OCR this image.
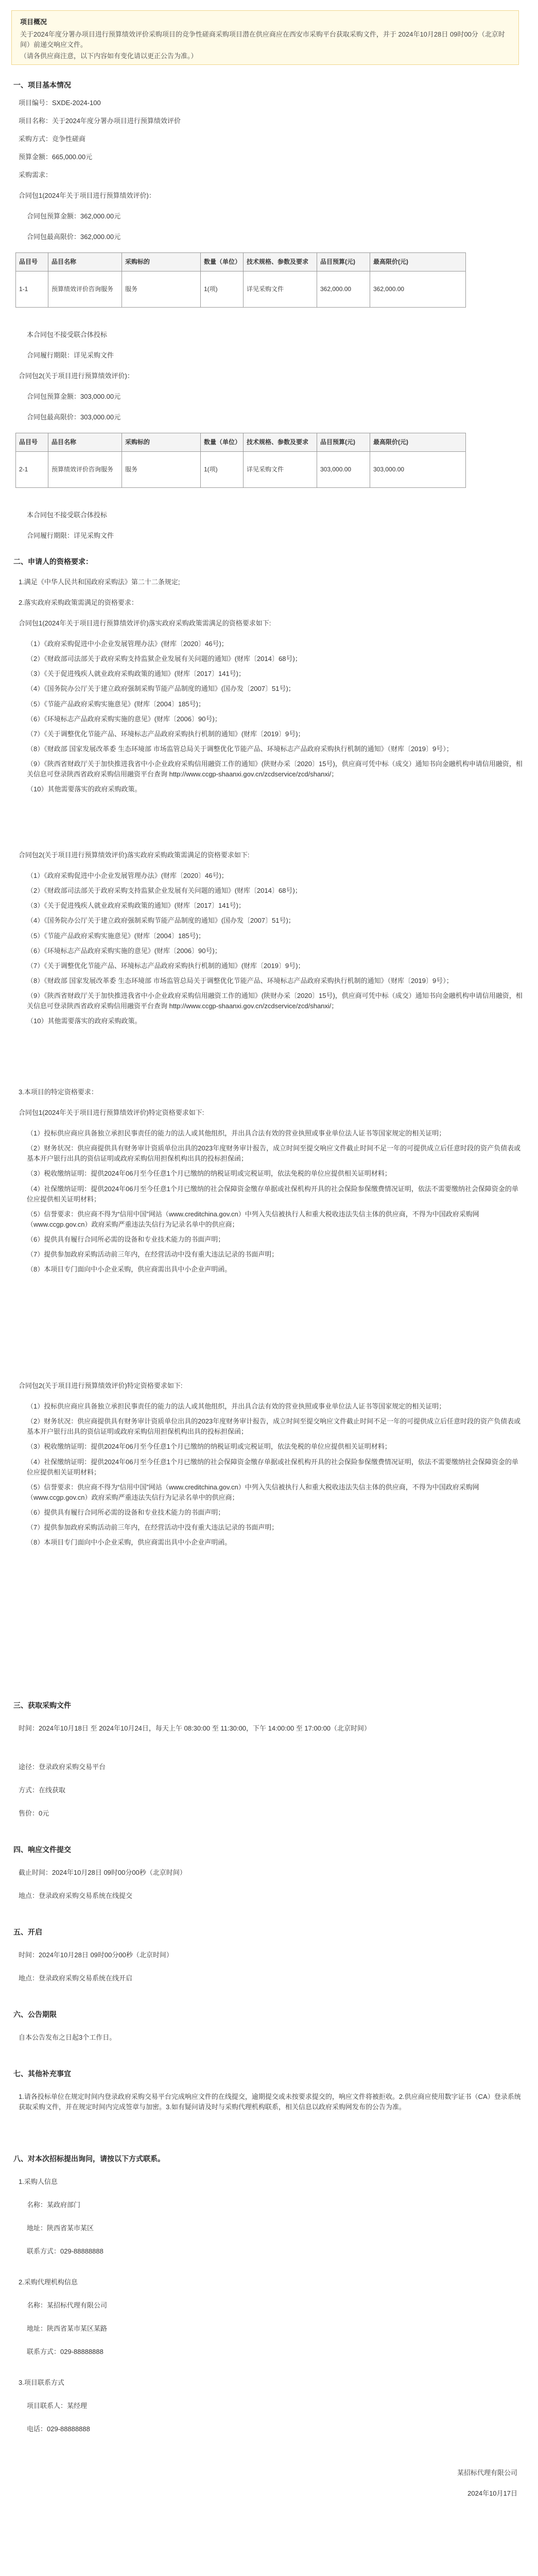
项目概况

关于2024年度分署办项目进行预算绩效评价采购项目的竞争性磋商采购项目潜在供应商应在西安市采购平台获取采购文件，并于 2024年10月28日 09时00分（北京时间）前递交响应文件。

（请各供应商注意，以下内容如有变化请以更正公告为准。）

一、项目基本情况
项目编号：SXDE-2024-100
项目名称：关于2024年度分署办项目进行预算绩效评价
采购方式：竞争性磋商
预算金额：665,000.00元
采购需求：
合同包1(2024年关于项目进行预算绩效评价)：
合同包预算金额：362,000.00元
合同包最高限价：362,000.00元
品目号	品目名称	采购标的	数量（单位）	技术规格、参数及要求	品目预算(元)	最高限价(元)
1-1	预算绩效评价咨询服务	服务	1(项)	详见采购文件	362,000.00	362,000.00
本合同包不接受联合体投标
合同履行期限：详见采购文件
合同包2(关于项目进行预算绩效评价)：
合同包预算金额：303,000.00元
合同包最高限价：303,000.00元
品目号	品目名称	采购标的	数量（单位）	技术规格、参数及要求	品目预算(元)	最高限价(元)
2-1	预算绩效评价咨询服务	服务	1(项)	详见采购文件	303,000.00	303,000.00
本合同包不接受联合体投标
合同履行期限：详见采购文件
二、申请人的资格要求：
1.满足《中华人民共和国政府采购法》第二十二条规定;
2.落实政府采购政策需满足的资格要求：
合同包1(2024年关于项目进行预算绩效评价)落实政府采购政策需满足的资格要求如下:

（1）《政府采购促进中小企业发展管理办法》(财库〔2020〕46号)；

（2）《财政部司法部关于政府采购支持监狱企业发展有关问题的通知》(财库〔2014〕68号)；

（3）《关于促进残疾人就业政府采购政策的通知》(财库〔2017〕141号)；

（4）《国务院办公厅关于建立政府强制采购节能产品制度的通知》(国办发〔2007〕51号)；

（5）《节能产品政府采购实施意见》(财库〔2004〕185号)；

（6）《环境标志产品政府采购实施的意见》(财库〔2006〕90号)；

（7）《关于调整优化节能产品、环境标志产品政府采购执行机制的通知》(财库〔2019〕9号)；

（8）《财政部 国家发展改革委 生态环境部 市场监管总局关于调整优化节能产品、环境标志产品政府采购执行机制的通知》（财库〔2019〕9号）；

（9）《陕西省财政厅关于加快推进我省中小企业政府采购信用融资工作的通知》(陕财办采〔2020〕15号)，供应商可凭中标（成交）通知书向金融机构申请信用融资，相关信息可登录陕西省政府采购信用融资平台查询 http://www.ccgp-shaanxi.gov.cn/zcdservice/zcd/shanxi/；

（10）其他需要落实的政府采购政策。

合同包2(关于项目进行预算绩效评价)落实政府采购政策需满足的资格要求如下:

（1）《政府采购促进中小企业发展管理办法》(财库〔2020〕46号)；

（2）《财政部司法部关于政府采购支持监狱企业发展有关问题的通知》(财库〔2014〕68号)；

（3）《关于促进残疾人就业政府采购政策的通知》(财库〔2017〕141号)；

（4）《国务院办公厅关于建立政府强制采购节能产品制度的通知》(国办发〔2007〕51号)；

（5）《节能产品政府采购实施意见》(财库〔2004〕185号)；

（6）《环境标志产品政府采购实施的意见》(财库〔2006〕90号)；

（7）《关于调整优化节能产品、环境标志产品政府采购执行机制的通知》(财库〔2019〕9号)；

（8）《财政部 国家发展改革委 生态环境部 市场监管总局关于调整优化节能产品、环境标志产品政府采购执行机制的通知》（财库〔2019〕9号）；

（9）《陕西省财政厅关于加快推进我省中小企业政府采购信用融资工作的通知》(陕财办采〔2020〕15号)，供应商可凭中标（成交）通知书向金融机构申请信用融资，相关信息可登录陕西省政府采购信用融资平台查询 http://www.ccgp-shaanxi.gov.cn/zcdservice/zcd/shanxi/；

（10）其他需要落实的政府采购政策。

3.本项目的特定资格要求：
合同包1(2024年关于项目进行预算绩效评价)特定资格要求如下:

（1）投标供应商应具备独立承担民事责任的能力的法人或其他组织，并出具合法有效的营业执照或事业单位法人证书等国家规定的相关证明；

（2）财务状况：供应商提供具有财务审计资质单位出具的2023年度财务审计报告，成立时间至提交响应文件截止时间不足一年的可提供成立后任意时段的资产负债表或基本开户银行出具的资信证明或政府采购信用担保机构出具的投标担保函；

（3）税收缴纳证明：提供2024年06月至今任意1个月已缴纳的纳税证明或完税证明，依法免税的单位应提供相关证明材料；

（4）社保缴纳证明：提供2024年06月至今任意1个月已缴纳的社会保障资金缴存单据或社保机构开具的社会保险参保缴费情况证明，依法不需要缴纳社会保障资金的单位应提供相关证明材料；

（5）信誉要求：供应商不得为“信用中国”网站（www.creditchina.gov.cn）中列入失信被执行人和重大税收违法失信主体的供应商，不得为中国政府采购网（www.ccgp.gov.cn）政府采购严重违法失信行为记录名单中的供应商；

（6）提供具有履行合同所必需的设备和专业技术能力的书面声明；

（7）提供参加政府采购活动前三年内，在经营活动中没有重大违法记录的书面声明；

（8）本项目专门面向中小企业采购，供应商需出具中小企业声明函。

合同包2(关于项目进行预算绩效评价)特定资格要求如下:

（1）投标供应商应具备独立承担民事责任的能力的法人或其他组织，并出具合法有效的营业执照或事业单位法人证书等国家规定的相关证明；

（2）财务状况：供应商提供具有财务审计资质单位出具的2023年度财务审计报告，成立时间至提交响应文件截止时间不足一年的可提供成立后任意时段的资产负债表或基本开户银行出具的资信证明或政府采购信用担保机构出具的投标担保函；

（3）税收缴纳证明：提供2024年06月至今任意1个月已缴纳的纳税证明或完税证明，依法免税的单位应提供相关证明材料；

（4）社保缴纳证明：提供2024年06月至今任意1个月已缴纳的社会保障资金缴存单据或社保机构开具的社会保险参保缴费情况证明，依法不需要缴纳社会保障资金的单位应提供相关证明材料；

（5）信誉要求：供应商不得为“信用中国”网站（www.creditchina.gov.cn）中列入失信被执行人和重大税收违法失信主体的供应商，不得为中国政府采购网（www.ccgp.gov.cn）政府采购严重违法失信行为记录名单中的供应商；

（6）提供具有履行合同所必需的设备和专业技术能力的书面声明；

（7）提供参加政府采购活动前三年内，在经营活动中没有重大违法记录的书面声明；

（8）本项目专门面向中小企业采购，供应商需出具中小企业声明函。

三、获取采购文件
时间：2024年10月18日 至 2024年10月24日，每天上午 08:30:00 至 11:30:00，下午 14:00:00 至 17:00:00（北京时间）
途径：登录政府采购交易平台
方式：在线获取
售价：0元
四、响应文件提交
截止时间：2024年10月28日 09时00分00秒（北京时间）
地点：登录政府采购交易系统在线提交
五、开启
时间：2024年10月28日 09时00分00秒（北京时间）
地点：登录政府采购交易系统在线开启
六、公告期限
自本公告发布之日起3个工作日。
七、其他补充事宜
1.请各投标单位在规定时间内登录政府采购交易平台完成响应文件的在线提交，逾期提交或未按要求提交的，响应文件将被拒收。2.供应商应使用数字证书（CA）登录系统获取采购文件，并在规定时间内完成签章与加密。3.如有疑问请及时与采购代理机构联系，相关信息以政府采购网发布的公告为准。
八、对本次招标提出询问，请按以下方式联系。
1.采购人信息
名称：某政府部门
地址：陕西省某市某区
联系方式：029-88888888
2.采购代理机构信息
名称：某招标代理有限公司
地址：陕西省某市某区某路
联系方式：029-88888888
3.项目联系方式
项目联系人：某经理
电话：029-88888888
某招标代理有限公司
2024年10月17日
